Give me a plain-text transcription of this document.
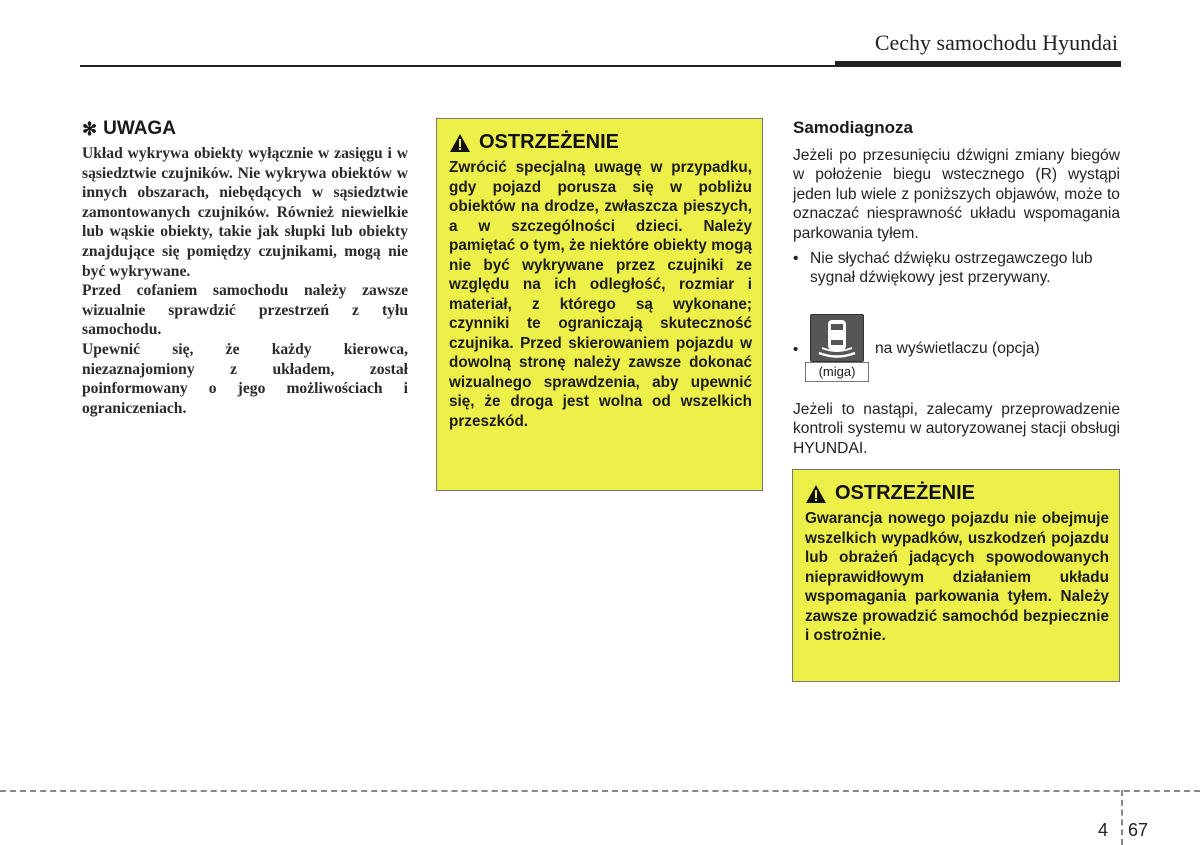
Cechy samochodu Hyundai
✻ UWAGA

Układ wykrywa obiekty wyłącznie w zasięgu i w sąsiedztwie czujników. Nie wykrywa obiektów w innych obszarach, niebędących w sąsiedztwie zamontowanych czujników. Również niewielkie lub wąskie obiekty, takie jak słupki lub obiekty znajdujące się pomiędzy czujnikami, mogą nie być wykrywane.

Przed cofaniem samochodu należy zawsze wizualnie sprawdzić przestrzeń z tyłu samochodu.

Upewnić się, że każdy kierowca, niezaznajomiony z układem, został poinformowany o jego możliwościach i ograniczeniach.

OSTRZEŻENIE
Zwrócić specjalną uwagę w przypadku, gdy pojazd porusza się w pobliżu obiektów na drodze, zwłaszcza pieszych, a w szczególności dzieci. Należy pamiętać o tym, że niektóre obiekty mogą nie być wykrywane przez czujniki ze względu na ich odległość, rozmiar i materiał, z którego są wykonane; czynniki te ograniczają skuteczność czujnika. Przed skierowaniem pojazdu w dowolną stronę należy zawsze dokonać wizualnego sprawdzenia, aby upewnić się, że droga jest wolna od wszelkich przeszkód.
Samodiagnoza

Jeżeli po przesunięciu dźwigni zmiany biegów w położenie biegu wstecznego (R) wystąpi jeden lub wiele z poniższych objawów, może to oznaczać niesprawność układu wspomagania parkowania tyłem.

• Nie słychać dźwięku ostrzegawczego lub sygnał dźwiękowy jest przerywany.
•
(miga)
na wyświetlaczu (opcja)

Jeżeli to nastąpi, zalecamy przeprowadzenie kontroli systemu w autoryzowanej stacji obsługi HYUNDAI.

OSTRZEŻENIE
Gwarancja nowego pojazdu nie obejmuje wszelkich wypadków, uszkodzeń pojazdu lub obrażeń jadących spowodowanych nieprawidłowym działaniem układu wspomagania parkowania tyłem. Należy zawsze prowadzić samochód bezpiecznie i ostrożnie.
4 67
